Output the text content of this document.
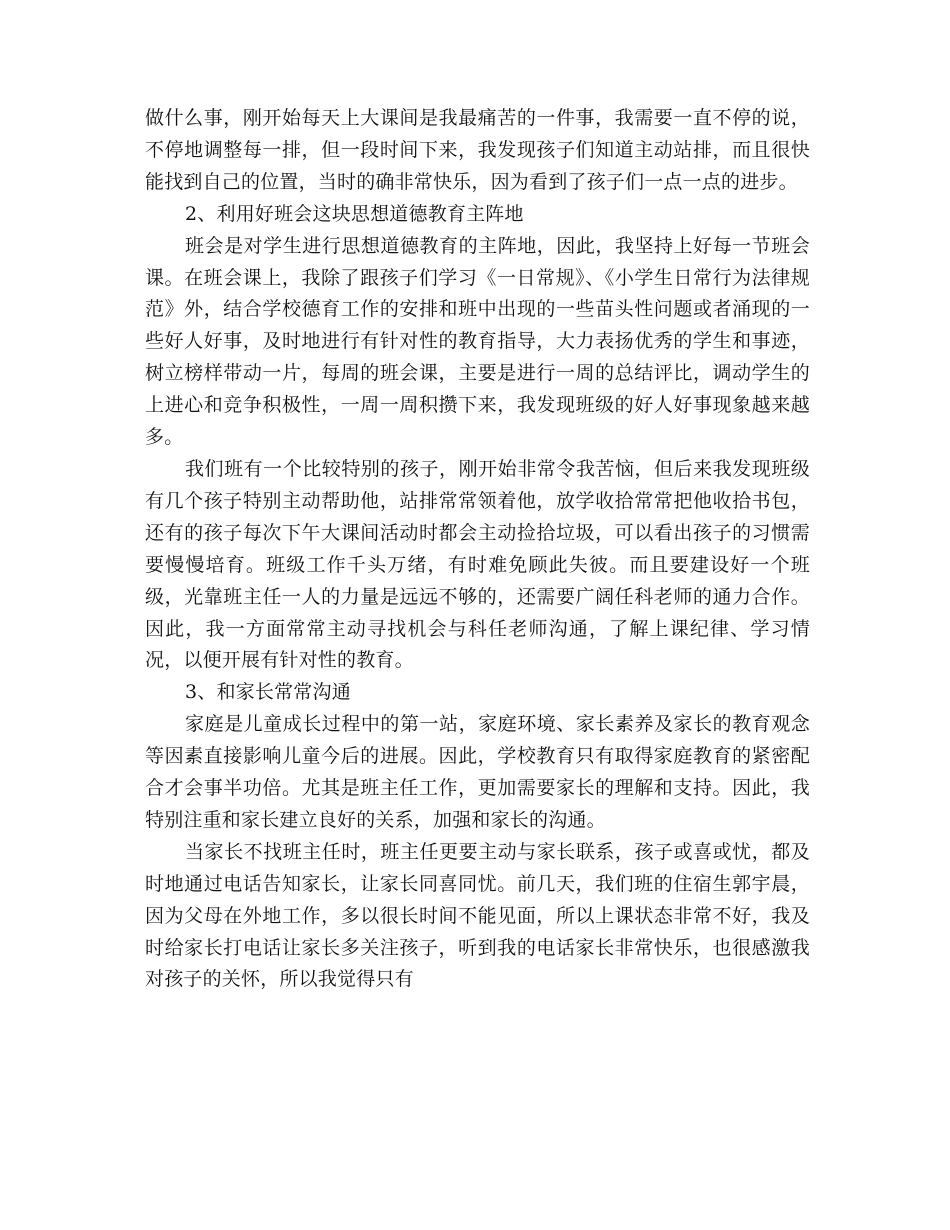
做什么事，刚开始每天上大课间是我最痛苦的一件事，我需要一直不停的说，不停地调整每一排，但一段时间下来，我发现孩子们知道主动站排，而且很快能找到自己的位置，当时的确非常快乐，因为看到了孩子们一点一点的进步。

2、利用好班会这块思想道德教育主阵地

班会是对学生进行思想道德教育的主阵地，因此，我坚持上好每一节班会课。在班会课上，我除了跟孩子们学习《一日常规》、《小学生日常行为法律规范》外，结合学校德育工作的安排和班中出现的一些苗头性问题或者涌现的一些好人好事，及时地进行有针对性的教育指导，大力表扬优秀的学生和事迹，树立榜样带动一片，每周的班会课，主要是进行一周的总结评比，调动学生的上进心和竞争积极性，一周一周积攒下来，我发现班级的好人好事现象越来越多。

我们班有一个比较特别的孩子，刚开始非常令我苦恼，但后来我发现班级有几个孩子特别主动帮助他，站排常常领着他，放学收拾常常把他收拾书包，还有的孩子每次下午大课间活动时都会主动捡拾垃圾，可以看出孩子的习惯需要慢慢培育。班级工作千头万绪，有时难免顾此失彼。而且要建设好一个班级，光靠班主任一人的力量是远远不够的，还需要广阔任科老师的通力合作。因此，我一方面常常主动寻找机会与科任老师沟通，了解上课纪律、学习情况，以便开展有针对性的教育。

3、和家长常常沟通

家庭是儿童成长过程中的第一站，家庭环境、家长素养及家长的教育观念等因素直接影响儿童今后的进展。因此，学校教育只有取得家庭教育的紧密配合才会事半功倍。尤其是班主任工作，更加需要家长的理解和支持。因此，我特别注重和家长建立良好的关系，加强和家长的沟通。

当家长不找班主任时，班主任更要主动与家长联系，孩子或喜或忧，都及时地通过电话告知家长，让家长同喜同忧。前几天，我们班的住宿生郭宇晨，因为父母在外地工作，多以很长时间不能见面，所以上课状态非常不好，我及时给家长打电话让家长多关注孩子，听到我的电话家长非常快乐，也很感激我对孩子的关怀，所以我觉得只有
